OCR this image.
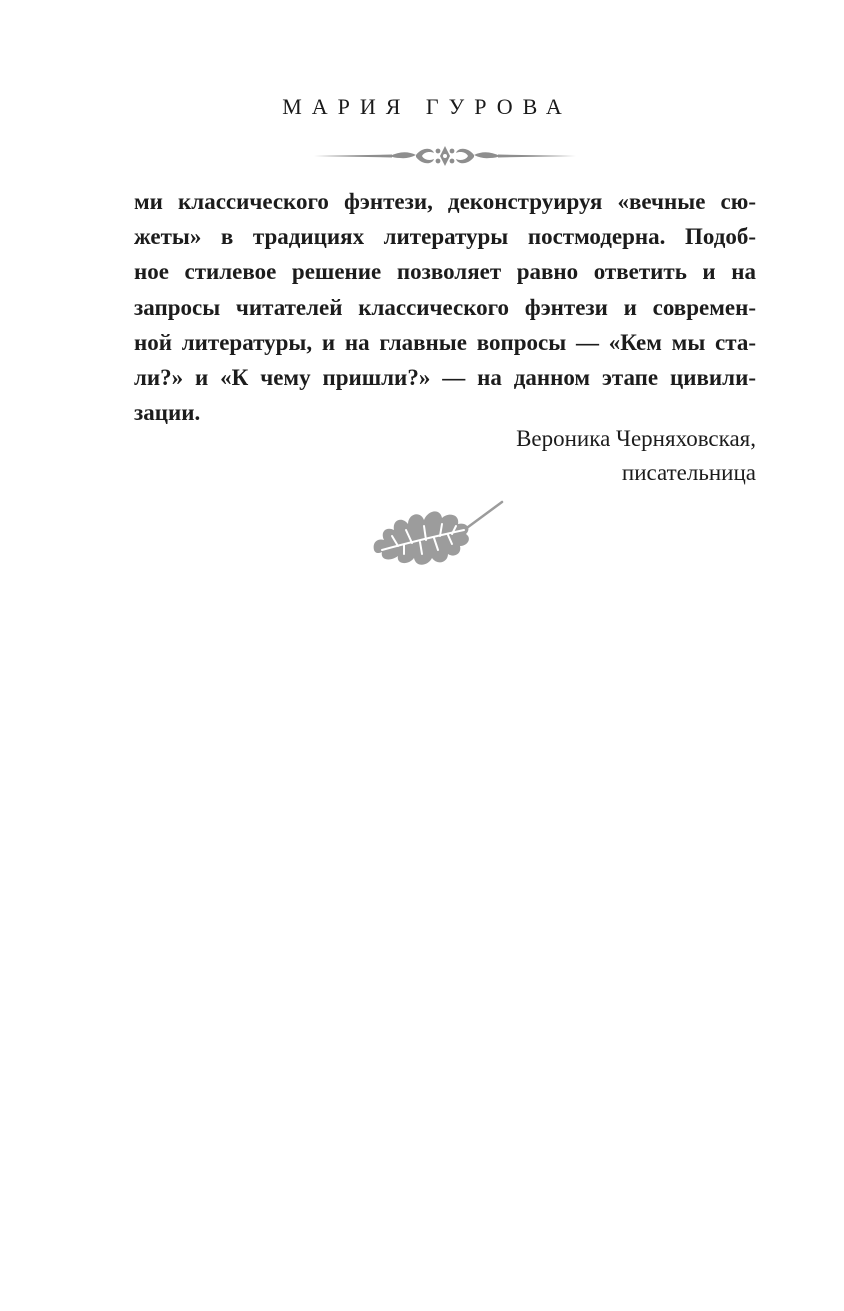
МАРИЯ ГУРОВА
ми классического фэнтези, деконструируя «вечные сю-
жеты» в традициях литературы постмодерна. Подоб-
ное стилевое решение позволяет равно ответить и на
запросы читателей классического фэнтези и современ-
ной литературы, и на главные вопросы — «Кем мы ста-
ли?» и «К чему пришли?» — на данном этапе цивили-
зации.
Вероника Черняховская,
писательница
